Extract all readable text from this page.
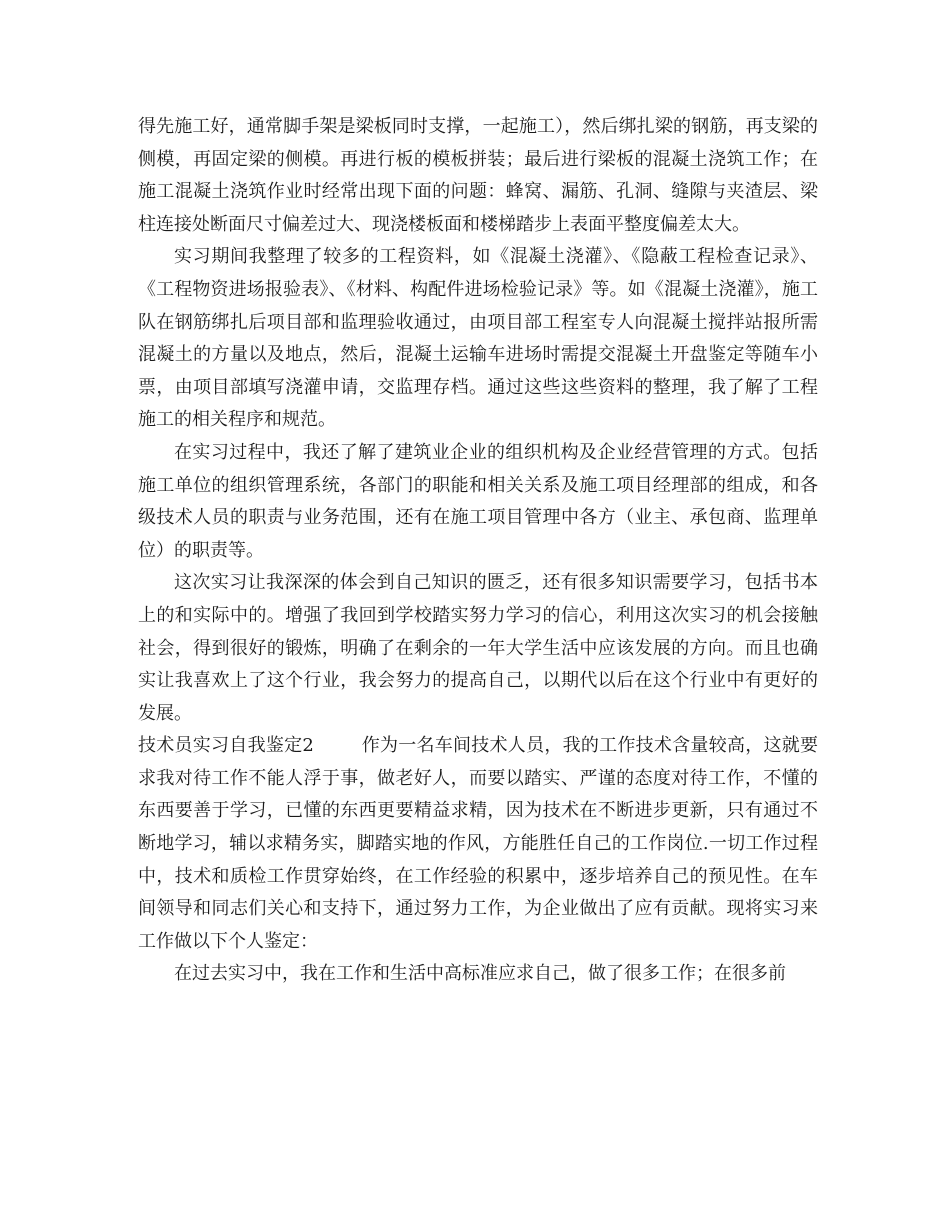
得先施工好，通常脚手架是梁板同时支撑，一起施工），然后绑扎梁的钢筋，再支梁的侧模，再固定梁的侧模。再进行板的模板拼装；最后进行梁板的混凝土浇筑工作；在施工混凝土浇筑作业时经常出现下面的问题：蜂窝、漏筋、孔洞、缝隙与夹渣层、梁柱连接处断面尺寸偏差过大、现浇楼板面和楼梯踏步上表面平整度偏差太大。

实习期间我整理了较多的工程资料，如《混凝土浇灌》、《隐蔽工程检查记录》、《工程物资进场报验表》、《材料、构配件进场检验记录》等。如《混凝土浇灌》，施工队在钢筋绑扎后项目部和监理验收通过，由项目部工程室专人向混凝土搅拌站报所需混凝土的方量以及地点，然后，混凝土运输车进场时需提交混凝土开盘鉴定等随车小票，由项目部填写浇灌申请，交监理存档。通过这些这些资料的整理，我了解了工程施工的相关程序和规范。

在实习过程中，我还了解了建筑业企业的组织机构及企业经营管理的方式。包括施工单位的组织管理系统，各部门的职能和相关关系及施工项目经理部的组成，和各级技术人员的职责与业务范围，还有在施工项目管理中各方（业主、承包商、监理单位）的职责等。

这次实习让我深深的体会到自己知识的匮乏，还有很多知识需要学习，包括书本上的和实际中的。增强了我回到学校踏实努力学习的信心，利用这次实习的机会接触社会，得到很好的锻炼，明确了在剩余的一年大学生活中应该发展的方向。而且也确实让我喜欢上了这个行业，我会努力的提高自己，以期代以后在这个行业中有更好的发展。

技术员实习自我鉴定2	作为一名车间技术人员，我的工作技术含量较高，这就要求我对待工作不能人浮于事，做老好人，而要以踏实、严谨的态度对待工作，不懂的东西要善于学习，已懂的东西更要精益求精，因为技术在不断进步更新，只有通过不断地学习，辅以求精务实，脚踏实地的作风，方能胜任自己的工作岗位.一切工作过程中，技术和质检工作贯穿始终，在工作经验的积累中，逐步培养自己的预见性。在车间领导和同志们关心和支持下，通过努力工作，为企业做出了应有贡献。现将实习来工作做以下个人鉴定：

在过去实习中，我在工作和生活中高标准应求自己，做了很多工作；在很多前
